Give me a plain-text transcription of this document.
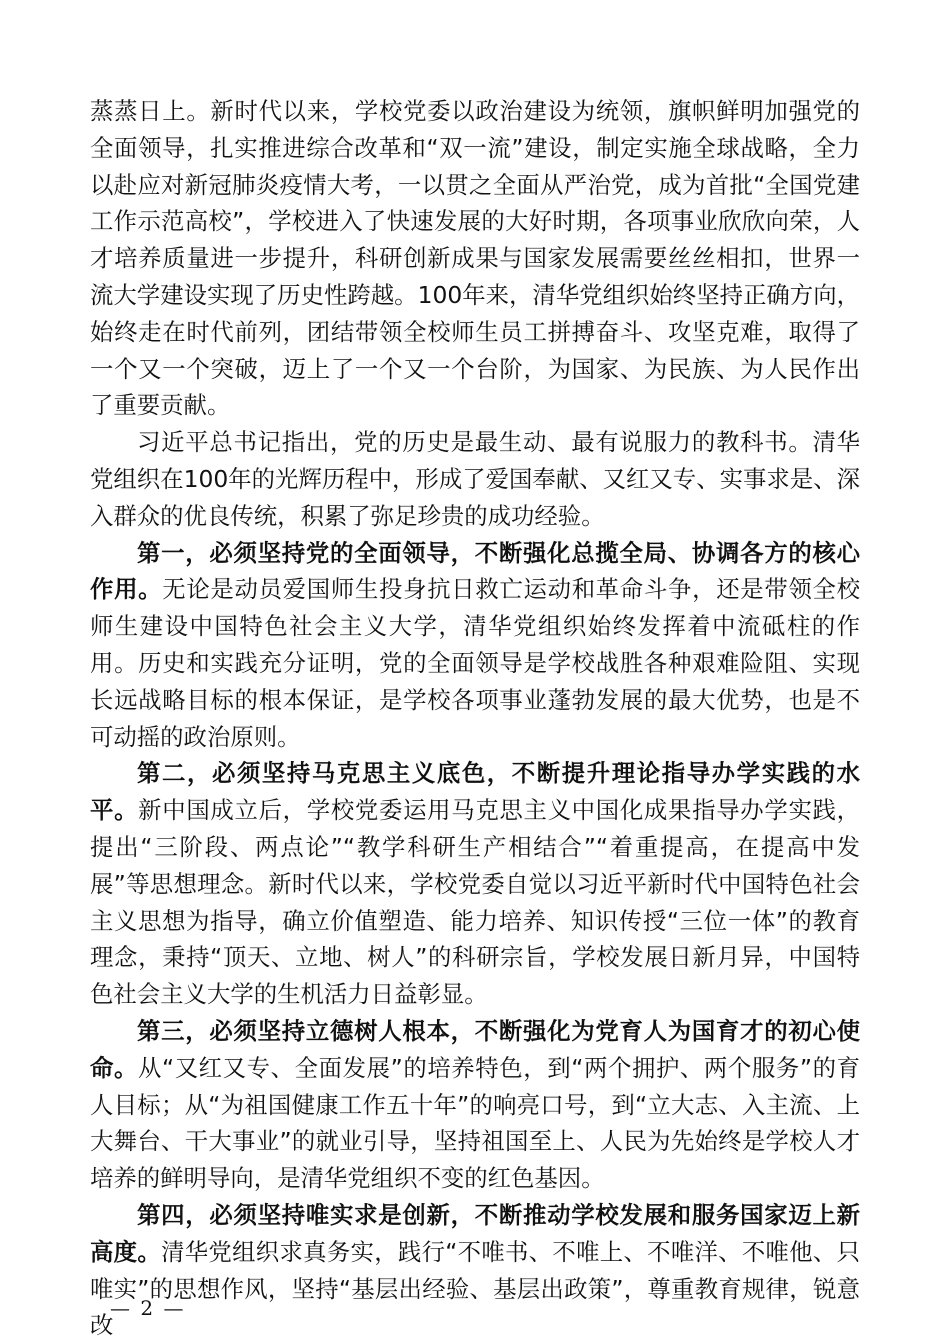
蒸蒸日上。新时代以来，学校党委以政治建设为统领，旗帜鲜明加强党的全面领导，扎实推进综合改革和“双一流”建设，制定实施全球战略，全力以赴应对新冠肺炎疫情大考，一以贯之全面从严治党，成为首批“全国党建工作示范高校”，学校进入了快速发展的大好时期，各项事业欣欣向荣，人才培养质量进一步提升，科研创新成果与国家发展需要丝丝相扣，世界一流大学建设实现了历史性跨越。100年来，清华党组织始终坚持正确方向，始终走在时代前列，团结带领全校师生员工拼搏奋斗、攻坚克难，取得了一个又一个突破，迈上了一个又一个台阶，为国家、为民族、为人民作出了重要贡献。

习近平总书记指出，党的历史是最生动、最有说服力的教科书。清华党组织在100年的光辉历程中，形成了爱国奉献、又红又专、实事求是、深入群众的优良传统，积累了弥足珍贵的成功经验。

第一，必须坚持党的全面领导，不断强化总揽全局、协调各方的核心作用。无论是动员爱国师生投身抗日救亡运动和革命斗争，还是带领全校师生建设中国特色社会主义大学，清华党组织始终发挥着中流砥柱的作用。历史和实践充分证明，党的全面领导是学校战胜各种艰难险阻、实现长远战略目标的根本保证，是学校各项事业蓬勃发展的最大优势，也是不可动摇的政治原则。

第二，必须坚持马克思主义底色，不断提升理论指导办学实践的水平。新中国成立后，学校党委运用马克思主义中国化成果指导办学实践，提出“三阶段、两点论”“教学科研生产相结合”“着重提高，在提高中发展”等思想理念。新时代以来，学校党委自觉以习近平新时代中国特色社会主义思想为指导，确立价值塑造、能力培养、知识传授“三位一体”的教育理念，秉持“顶天、立地、树人”的科研宗旨，学校发展日新月异，中国特色社会主义大学的生机活力日益彰显。

第三，必须坚持立德树人根本，不断强化为党育人为国育才的初心使命。从“又红又专、全面发展”的培养特色，到“两个拥护、两个服务”的育人目标；从“为祖国健康工作五十年”的响亮口号，到“立大志、入主流、上大舞台、干大事业”的就业引导，坚持祖国至上、人民为先始终是学校人才培养的鲜明导向，是清华党组织不变的红色基因。

第四，必须坚持唯实求是创新，不断推动学校发展和服务国家迈上新高度。清华党组织求真务实，践行“不唯书、不唯上、不唯洋、不唯他、只唯实”的思想作风，坚持“基层出经验、基层出政策”，尊重教育规律，锐意改

— 2 —
